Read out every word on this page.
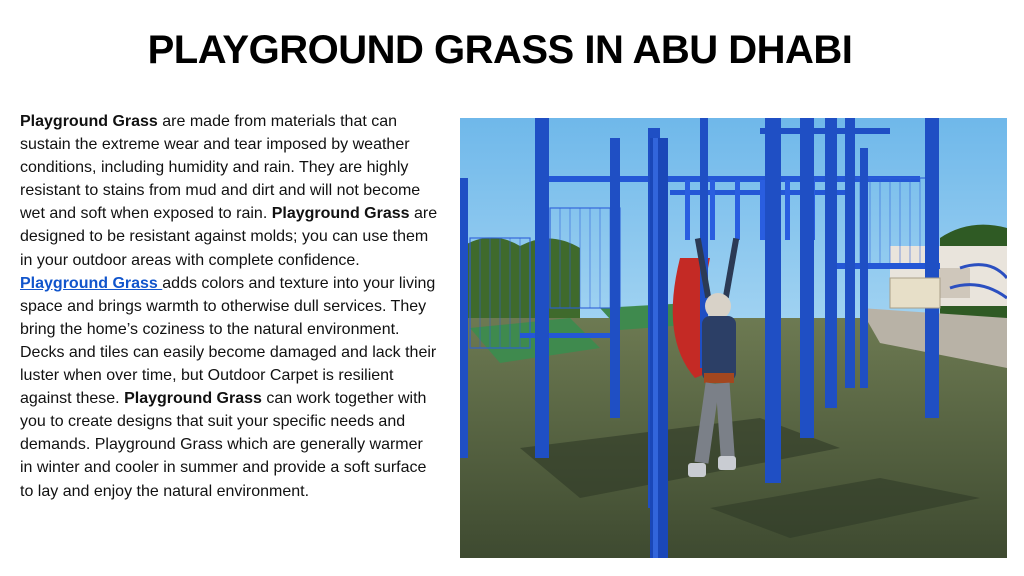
PLAYGROUND GRASS IN ABU DHABI
Playground Grass are made from materials that can sustain the extreme wear and tear imposed by weather conditions, including humidity and rain. They are highly resistant to stains from mud and dirt and will not become wet and soft when exposed to rain. Playground Grass are designed to be resistant against molds; you can use them in your outdoor areas with complete confidence. Playground Grass adds colors and texture into your living space and brings warmth to otherwise dull services. They bring the home’s coziness to the natural environment. Decks and tiles can easily become damaged and lack their luster when over time, but Outdoor Carpet is resilient against these. Playground Grass can work together with you to create designs that suit your specific needs and demands. Playground Grass which are generally warmer in winter and cooler in summer and provide a soft surface to lay and enjoy the natural environment.
